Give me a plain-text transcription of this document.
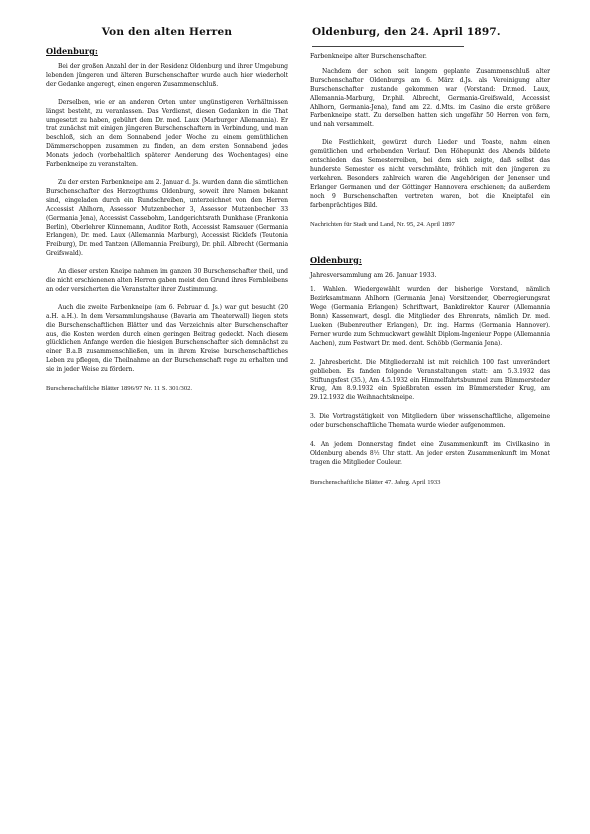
Von den alten Herren
Oldenburg:

Bei der großen Anzahl der in der Residenz Oldenburg und ihrer Umgebung lebenden jüngeren und älteren Burschenschafter wurde auch hier wiederholt der Gedanke angeregt, einen engeren Zusammenschluß.

Derselben, wie er an anderen Orten unter ungünstigeren Verhältnissen längst besteht, zu veranlassen. Das Verdienst, diesen Gedanken in die That umgesetzt zu haben, gebührt dem Dr. med. Laux (Marburger Allemannia). Er trat zunächst mit einigen jüngeren Burschenschaftern in Verbindung, und man beschloß, sich an dem Sonnabend jeder Woche zu einem gemüthlichen Dämmerschoppen zusammen zu finden, an dem ersten Sonnabend jedes Monats jedoch (vorbehaltlich späterer Aenderung des Wochentages) eine Farbenkneipe zu veranstalten.

Zu der ersten Farbenkneipe am 2. Januar d. Js. wurden dann die sämtlichen Burschenschafter des Herzogthums Oldenburg, soweit ihre Namen bekannt sind, eingeladen durch ein Rundschreiben, unterzeichnet von den Herren Accessist Ahlhorn, Assessor Mutzenbecher 3, Assessor Mutzenbecher 33 (Germania Jena), Accessist Cassebohm, Landgerichtsrath Dunkhase (Frankonia Berlin), Oberlehrer Künnemann, Auditor Roth, Accessist Ramsauer (Germania Erlangen), Dr. med. Laux (Allemannia Marburg), Accessist Ricklefs (Teutonia Freiburg), Dr. med Tantzen (Allemannia Freiburg), Dr. phil. Albrecht (Germania Greifswald).

An dieser ersten Kneipe nahmen im ganzen 30 Burschenschafter theil, und die nicht erschienenen alten Herren gaben meist den Grund ihres Fernbleibens an oder versicherten die Veranstalter ihrer Zustimmung.

Auch die zweite Farbenkneipe (am 6. Februar d. Js.) war gut besucht (20 a.H. a.H.). In dem Versammlungshause (Bavaria am Theaterwall) liegen stets die Burschenschaftlichen Blätter und das Verzeichnis alter Burschenschafter aus, die Kosten werden durch einen geringen Beitrag gedeckt. Nach diesem glücklichen Anfange werden die hiesigen Burschenschafter sich demnächst zu einer B.a.B zusammenschließen, um in ihrem Kreise burschenschaftliches Leben zu pflegen, die Theilnahme an der Burschenschaft rege zu erhalten und sie in jeder Weise zu fördern.

Burschenschaftliche Blätter 1896/97 Nr. 11 S. 301/302.
Oldenburg, den 24. April 1897.

Farbenkneipe alter Burschenschafter.

Nachdem der schon seit langem geplante Zusammenschluß alter Burschenschafter Oldenburgs am 6. März d.Js. als Vereinigung alter Burschenschafter zustande gekommen war (Vorstand: Dr.med. Laux, Allemannia-Marburg, Dr.phil. Albrecht, Germania-Greifswald, Accessist Ahlhorn, Germania-Jena), fand am 22. d.Mts. im Casino die erste größere Farbenkneipe statt. Zu derselben hatten sich ungefähr 50 Herren von fern, und nah versammelt.

Die Festlichkeit, gewürzt durch Lieder und Toaste, nahm einen gemütlichen und erhebenden Verlauf. Den Höhepunkt des Abends bildete entschieden das Semesterreiben, bei dem sich zeigte, daß selbst das hunderste Semester es nicht verschmähte, fröhlich mit den jüngeren zu verkehren. Besonders zahlreich waren die Angehörigen der Jenenser und Erlanger Germanen und der Göttinger Hannovera erschienen; da außerdem noch 9 Burschenschaften vertreten waren, bot die Kneiptafel ein farbenprächtiges Bild.

Nachrichten für Stadt und Land, Nr. 95, 24. April 1897
Oldenburg:

Jahresversammlung am 26. Januar 1933.

1. Wahlen. Wiedergewählt wurden der bisherige Vorstand, nämlich Bezirksamtmann Ahlhorn (Germania Jena) Vorsitzender, Oberregierungsrat Wege (Germania Erlangen) Schriftwart, Bankdirektor Kaurer (Allemannia Bonn) Kassenwart, desgl. die Mitglieder des Ehrenrats, nämlich Dr. med. Lueken (Bubenreuther Erlangen), Dr. ing. Harms (Germania Hannover). Ferner wurde zum Schmuckwart gewählt Diplom-Ingenieur Poppe (Allemannia Aachen), zum Festwart Dr. med. dent. Schöbb (Germania Jena).

2. Jahresbericht. Die Mitgliederzahl ist mit reichlich 100 fast unverändert geblieben. Es fanden folgende Veranstaltungen statt: am 5.3.1932 das Stiftungsfest (35.), Am 4.5.1932 ein Himmelfahrtsbummel zum Bümmersteder Krug, Am 8.9.1932 ein Spießbraten essen im Bümmersteder Krug, am 29.12.1932 die Weihnachtskneipe.

3. Die Vortragstätigkeit von Mitgliedern über wissenschaftliche, allgemeine oder burschenschaftliche Themata wurde wieder aufgenommen.

4. An jedem Donnerstag findet eine Zusammenkunft im Civilkasino in Oldenburg abends 8½ Uhr statt. An jeder ersten Zusammenkunft im Monat tragen die Mitglieder Couleur.

Burschenschaftliche Blätter 47. Jahrg. April 1933
